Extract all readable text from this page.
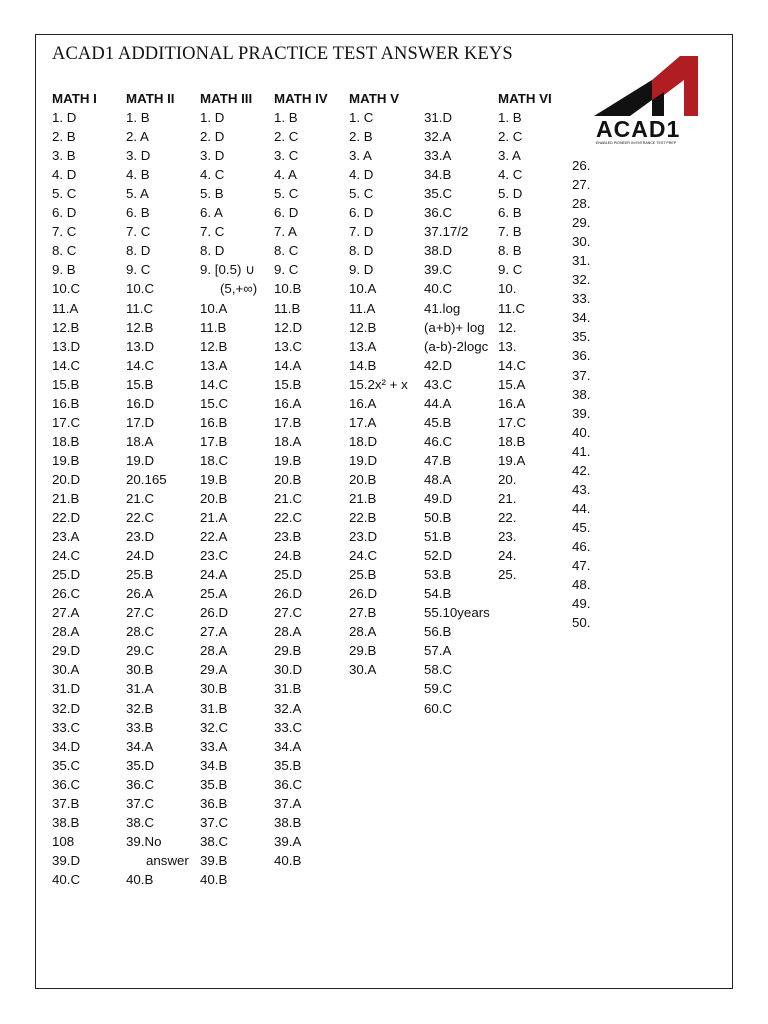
ACAD1 ADDITIONAL PRACTICE TEST ANSWER KEYS
MATH I
1. D
2. B
3. B
4. D
5. C
6. D
7. C
8. C
9. B
10.C
11.A
12.B
13.D
14.C
15.B
16.B
17.C
18.B
19.B
20.D
21.B
22.D
23.A
24.C
25.D
26.C
27.A
28.A
29.D
30.A
31.D
32.D
33.C
34.D
35.C
36.C
37.B
38.B
108
39.D
40.C
MATH II
1. B
2. A
3. D
4. B
5. A
6. B
7. C
8. D
9. C
10.C
11.C
12.B
13.D
14.C
15.B
16.D
17.D
18.A
19.D
20.165
21.C
22.C
23.D
24.D
25.B
26.A
27.C
28.C
29.C
30.B
31.A
32.B
33.B
34.A
35.D
36.C
37.C
38.C
39.No
answer
40.B
MATH III
1. D
2. D
3. D
4. C
5. B
6. A
7. C
8. D
9. [0.5) ∪
(5,+∞)
10.A
11.B
12.B
13.A
14.C
15.C
16.B
17.B
18.C
19.B
20.B
21.A
22.A
23.C
24.A
25.A
26.D
27.A
28.A
29.A
30.B
31.B
32.C
33.A
34.B
35.B
36.B
37.C
38.C
39.B
40.B
MATH IV
1. B
2. C
3. C
4. A
5. C
6. D
7. A
8. C
9. C
10.B
11.B
12.D
13.C
14.A
15.B
16.A
17.B
18.A
19.B
20.B
21.C
22.C
23.B
24.B
25.D
26.D
27.C
28.A
29.B
30.D
31.B
32.A
33.C
34.A
35.B
36.C
37.A
38.B
39.A
40.B
MATH V
1. C
2. B
3. A
4. D
5. C
6. D
7. D
8. D
9. D
10.A
11.A
12.B
13.A
14.B
15.2x² + x
16.A
17.A
18.D
19.D
20.B
21.B
22.B
23.D
24.C
25.B
26.D
27.B
28.A
29.B
30.A
31.D
32.A
33.A
34.B
35.C
36.C
37.17/2
38.D
39.C
40.C
41.log
(a+b)+ log
(a-b)-2logc
42.D
43.C
44.A
45.B
46.C
47.B
48.A
49.D
50.B
51.B
52.D
53.B
54.B
55.10years
56.B
57.A
58.C
59.C
60.C
MATH VI
1. B
2. C
3. A
4. C
5. D
6. B
7. B
8. B
9. C
10.
11.C
12.
13.
14.C
15.A
16.A
17.C
18.B
19.A
20.
21.
22.
23.
24.
25.
26.
27.
28.
29.
30.
31.
32.
33.
34.
35.
36.
37.
38.
39.
40.
41.
42.
43.
44.
45.
46.
47.
48.
49.
50.
ACAD1
ENABLED PIONEER IN ENTRANCE TEST PREP
